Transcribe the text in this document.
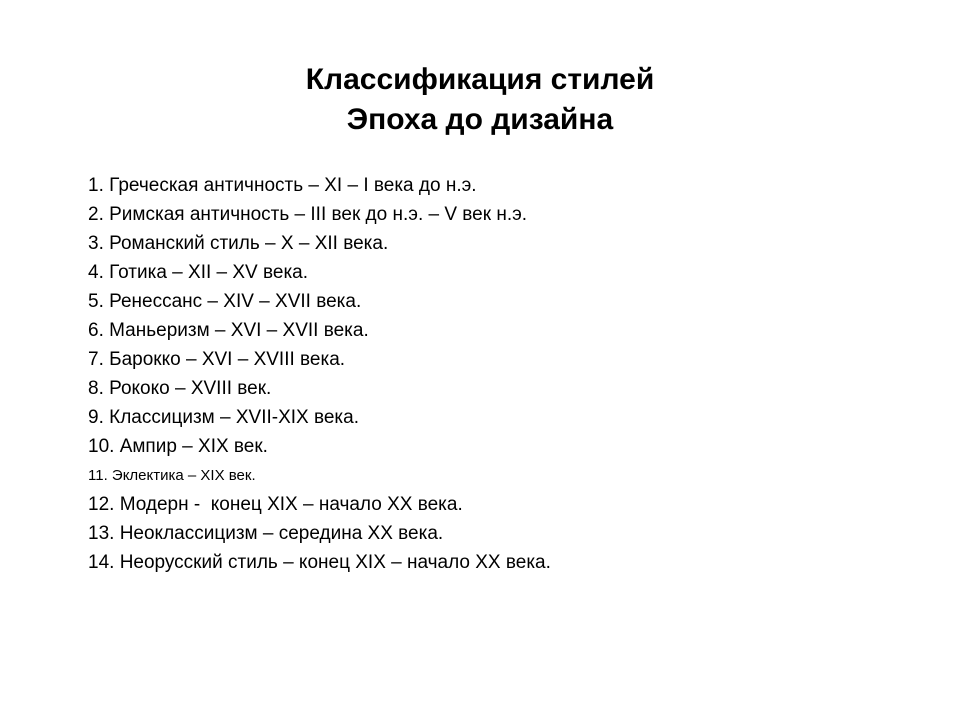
Классификация стилей
Эпоха до дизайна
1. Греческая античность – XI – I века до н.э.
2. Римская античность – III век до н.э. – V век н.э.
3. Романский стиль – X – XII века.
4. Готика – XII – XV века.
5. Ренессанс – XIV – XVII века.
6. Маньеризм – XVI – XVII века.
7. Барокко – XVI – XVIII века.
8. Рококо – XVIII век.
9. Классицизм – XVII-XIX века.
10. Ампир – XIX век.
11. Эклектика – XIX век.
12. Модерн -  конец XIX – начало XX века.
13. Неоклассицизм – середина XX века.
14. Неорусский стиль – конец XIX – начало XX века.
